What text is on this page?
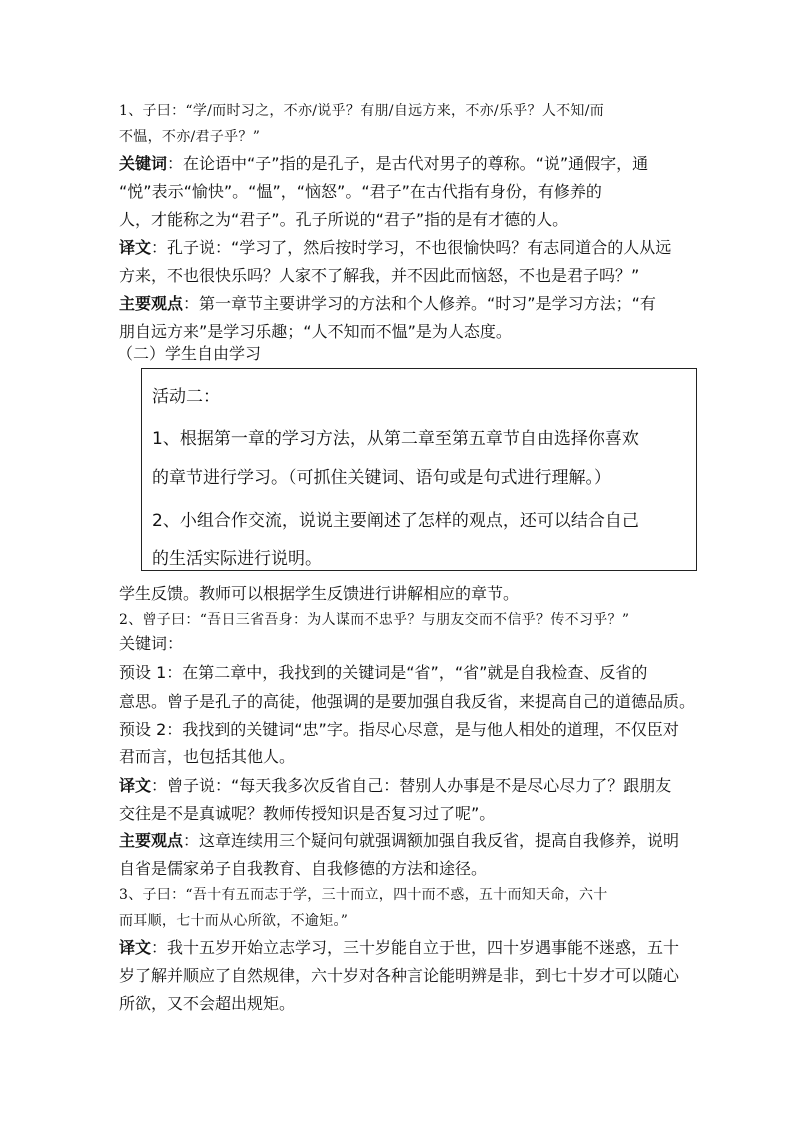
1、子曰：“学/而时习之，不亦/说乎？有朋/自远方来，不亦/乐乎？人不知/而
不愠，不亦/君子乎？”
关键词：在论语中“子”指的是孔子，是古代对男子的尊称。“说”通假字，通
“悦”表示“愉快”。“愠”，“恼怒”。“君子”在古代指有身份，有修养的
人，才能称之为“君子”。孔子所说的“君子”指的是有才德的人。
译文：孔子说：“学习了，然后按时学习，不也很愉快吗？有志同道合的人从远
方来，不也很快乐吗？人家不了解我，并不因此而恼怒，不也是君子吗？”
主要观点：第一章节主要讲学习的方法和个人修养。“时习”是学习方法；“有
朋自远方来”是学习乐趣；“人不知而不愠”是为人态度。
（二）学生自由学习
活动二：
1、根据第一章的学习方法，从第二章至第五章节自由选择你喜欢
的章节进行学习。（可抓住关键词、语句或是句式进行理解。）
2、小组合作交流，说说主要阐述了怎样的观点，还可以结合自己
的生活实际进行说明。
学生反馈。教师可以根据学生反馈进行讲解相应的章节。
2、曾子曰：“吾日三省吾身：为人谋而不忠乎？与朋友交而不信乎？传不习乎？”
关键词：
预设 1：在第二章中，我找到的关键词是“省”，“省”就是自我检查、反省的
意思。曾子是孔子的高徒，他强调的是要加强自我反省，来提高自己的道德品质。
预设 2：我找到的关键词“忠”字。指尽心尽意，是与他人相处的道理，不仅臣对
君而言，也包括其他人。
译文：曾子说：“每天我多次反省自己：替别人办事是不是尽心尽力了？跟朋友
交往是不是真诚呢？教师传授知识是否复习过了呢”。
主要观点：这章连续用三个疑问句就强调额加强自我反省，提高自我修养，说明
自省是儒家弟子自我教育、自我修德的方法和途径。
3、子曰：“吾十有五而志于学，三十而立，四十而不惑，五十而知天命，六十
而耳顺，七十而从心所欲，不逾矩。”
译文：我十五岁开始立志学习，三十岁能自立于世，四十岁遇事能不迷惑，五十
岁了解并顺应了自然规律，六十岁对各种言论能明辨是非，到七十岁才可以随心
所欲，又不会超出规矩。
